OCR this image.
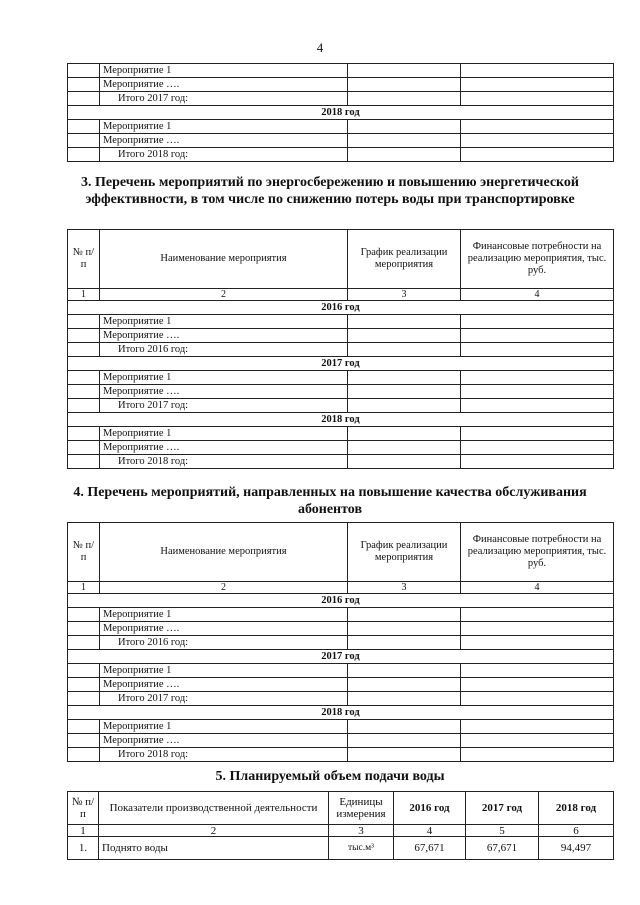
4
	Мероприятие 1		
	Мероприятие ….		
	Итого 2017 год:		
2018 год			
	Мероприятие 1		
	Мероприятие ….		
	Итого 2018 год:		
3. Перечень мероприятий по энергосбережению и повышению энергетической эффективности, в том числе по снижению потерь воды при транспортировке
№ п/п	Наименование мероприятия	График реализации мероприятия	Финансовые потребности на реализацию мероприятия, тыс. руб.
1	2	3	4
2016 год			
	Мероприятие 1		
	Мероприятие ….		
	Итого 2016 год:		
2017 год			
	Мероприятие 1		
	Мероприятие ….		
	Итого 2017 год:		
2018 год			
	Мероприятие 1		
	Мероприятие ….		
	Итого 2018 год:		
4. Перечень мероприятий, направленных на повышение качества обслуживания абонентов
№ п/п	Наименование мероприятия	График реализации мероприятия	Финансовые потребности на реализацию мероприятия, тыс. руб.
1	2	3	4
2016 год			
	Мероприятие 1		
	Мероприятие ….		
	Итого 2016 год:		
2017 год			
	Мероприятие 1		
	Мероприятие ….		
	Итого 2017 год:		
2018 год			
	Мероприятие 1		
	Мероприятие ….		
	Итого 2018 год:		
5. Планируемый объем подачи воды
№ п/п	Показатели производственной деятельности	Единицы измерения	2016 год	2017 год	2018 год
1	2	3	4	5	6
1.	Поднято воды	тыс.м³	67,671	67,671	94,497
